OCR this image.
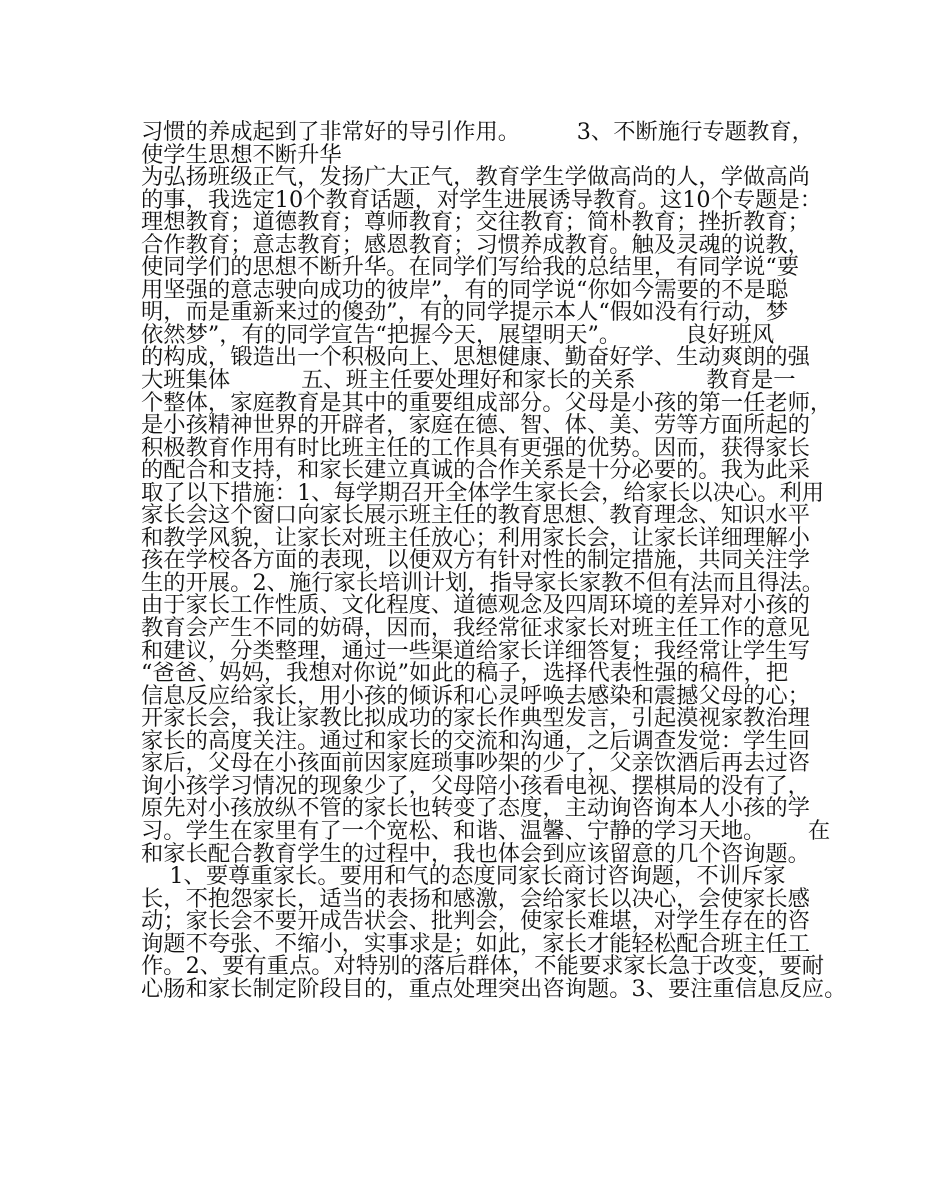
习惯的养成起到了非常好的导引作用。        3、不断施行专题教育，
使学生思想不断升华
为弘扬班级正气，发扬广大正气，教育学生学做高尚的人，学做高尚
的事，我选定10个教育话题，对学生进展诱导教育。这10个专题是：
理想教育；道德教育；尊师教育；交往教育；简朴教育；挫折教育；
合作教育；意志教育；感恩教育；习惯养成教育。触及灵魂的说教，
使同学们的思想不断升华。在同学们写给我的总结里，有同学说“要
用坚强的意志驶向成功的彼岸”，有的同学说“你如今需要的不是聪
明，而是重新来过的傻劲”，有的同学提示本人“假如没有行动，梦
依然梦”，有的同学宣告“把握今天，展望明天”。         良好班风
的构成，锻造出一个积极向上、思想健康、勤奋好学、生动爽朗的强
大班集体          五、班主任要处理好和家长的关系          教育是一
个整体，家庭教育是其中的重要组成部分。父母是小孩的第一任老师，
是小孩精神世界的开辟者，家庭在德、智、体、美、劳等方面所起的
积极教育作用有时比班主任的工作具有更强的优势。因而，获得家长
的配合和支持，和家长建立真诚的合作关系是十分必要的。我为此采
取了以下措施：1、每学期召开全体学生家长会，给家长以决心。利用
家长会这个窗口向家长展示班主任的教育思想、教育理念、知识水平
和教学风貌，让家长对班主任放心；利用家长会，让家长详细理解小
孩在学校各方面的表现，以便双方有针对性的制定措施，共同关注学
生的开展。2、施行家长培训计划，指导家长家教不但有法而且得法。
由于家长工作性质、文化程度、道德观念及四周环境的差异对小孩的
教育会产生不同的妨碍，因而，我经常征求家长对班主任工作的意见
和建议，分类整理，通过一些渠道给家长详细答复；我经常让学生写
“爸爸、妈妈，我想对你说”如此的稿子，选择代表性强的稿件，把
信息反应给家长，用小孩的倾诉和心灵呼唤去感染和震撼父母的心；
开家长会，我让家教比拟成功的家长作典型发言，引起漠视家教治理
家长的高度关注。通过和家长的交流和沟通，之后调查发觉：学生回
家后，父母在小孩面前因家庭琐事吵架的少了，父亲饮酒后再去过咨
询小孩学习情况的现象少了，父母陪小孩看电视、摆棋局的没有了，
原先对小孩放纵不管的家长也转变了态度，主动询咨询本人小孩的学
习。学生在家里有了一个宽松、和谐、温馨、宁静的学习天地。      在
和家长配合教育学生的过程中，我也体会到应该留意的几个咨询题。
1、要尊重家长。要用和气的态度同家长商讨咨询题，不训斥家
长，不抱怨家长，适当的表扬和感激，会给家长以决心，会使家长感
动；家长会不要开成告状会、批判会，使家长难堪，对学生存在的咨
询题不夸张、不缩小，实事求是；如此，家长才能轻松配合班主任工
作。2、要有重点。对特别的落后群体，不能要求家长急于改变，要耐
心肠和家长制定阶段目的，重点处理突出咨询题。3、要注重信息反应。
